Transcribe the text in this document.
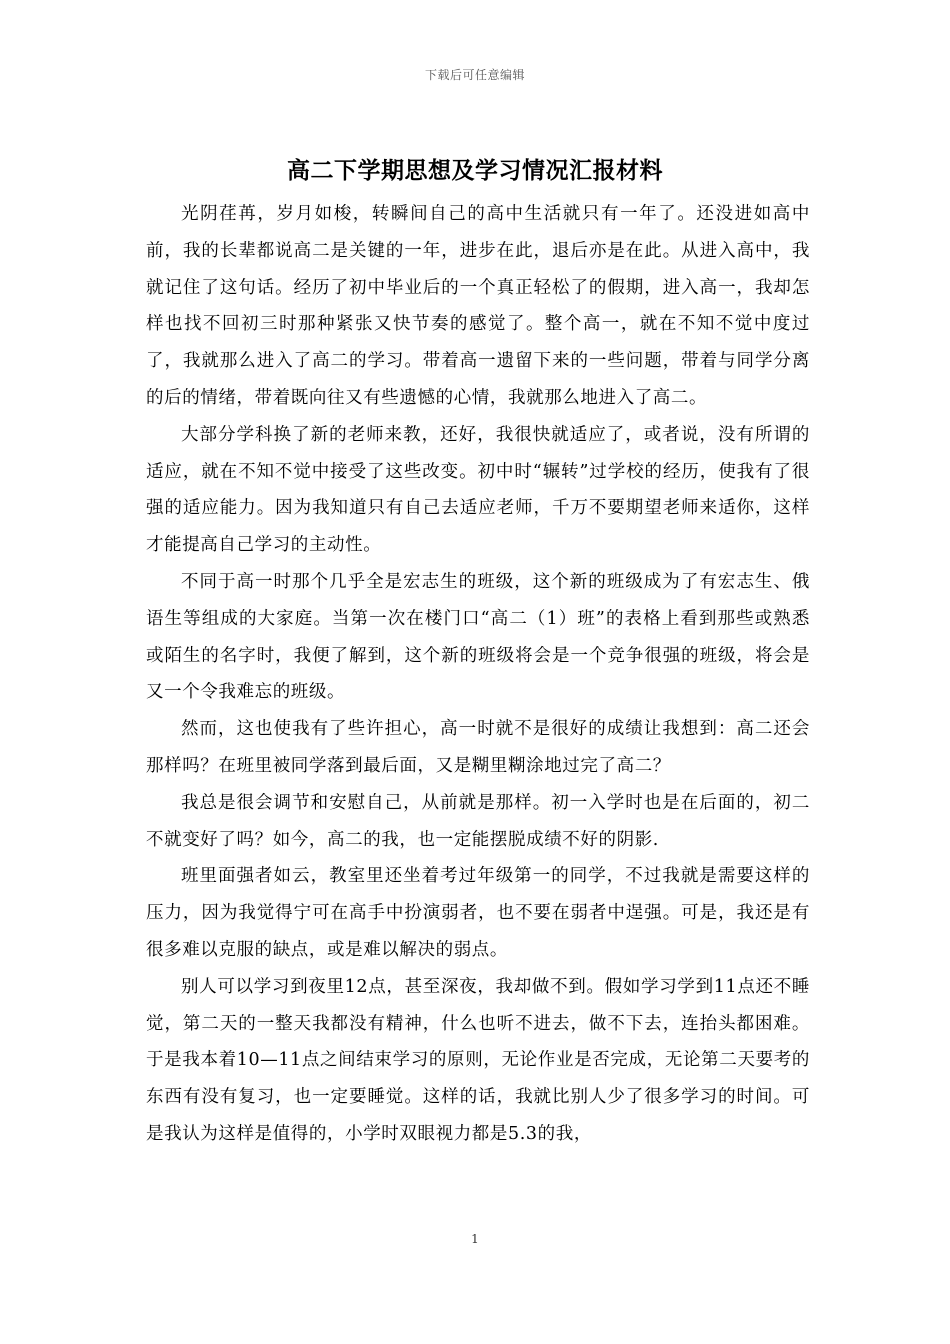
下载后可任意编辑
高二下学期思想及学习情况汇报材料

光阴荏苒，岁月如梭，转瞬间自己的高中生活就只有一年了。还没进如高中前，我的长辈都说高二是关键的一年，进步在此，退后亦是在此。从进入高中，我就记住了这句话。经历了初中毕业后的一个真正轻松了的假期，进入高一，我却怎样也找不回初三时那种紧张又快节奏的感觉了。整个高一，就在不知不觉中度过了，我就那么进入了高二的学习。带着高一遗留下来的一些问题，带着与同学分离的后的情绪，带着既向往又有些遗憾的心情，我就那么地进入了高二。

大部分学科换了新的老师来教，还好，我很快就适应了，或者说，没有所谓的适应，就在不知不觉中接受了这些改变。初中时“辗转”过学校的经历，使我有了很强的适应能力。因为我知道只有自己去适应老师，千万不要期望老师来适你，这样才能提高自己学习的主动性。

不同于高一时那个几乎全是宏志生的班级，这个新的班级成为了有宏志生、俄语生等组成的大家庭。当第一次在楼门口“高二（1）班”的表格上看到那些或熟悉或陌生的名字时，我便了解到，这个新的班级将会是一个竞争很强的班级，将会是又一个令我难忘的班级。

然而，这也使我有了些许担心，高一时就不是很好的成绩让我想到：高二还会那样吗？在班里被同学落到最后面，又是糊里糊涂地过完了高二？

我总是很会调节和安慰自己，从前就是那样。初一入学时也是在后面的，初二不就变好了吗？如今，高二的我，也一定能摆脱成绩不好的阴影.

班里面强者如云，教室里还坐着考过年级第一的同学，不过我就是需要这样的压力，因为我觉得宁可在高手中扮演弱者，也不要在弱者中逞强。可是，我还是有很多难以克服的缺点，或是难以解决的弱点。

别人可以学习到夜里12点，甚至深夜，我却做不到。假如学习学到11点还不睡觉，第二天的一整天我都没有精神，什么也听不进去，做不下去，连抬头都困难。于是我本着10—11点之间结束学习的原则，无论作业是否完成，无论第二天要考的东西有没有复习，也一定要睡觉。这样的话，我就比别人少了很多学习的时间。可是我认为这样是值得的，小学时双眼视力都是5.3的我，

1
